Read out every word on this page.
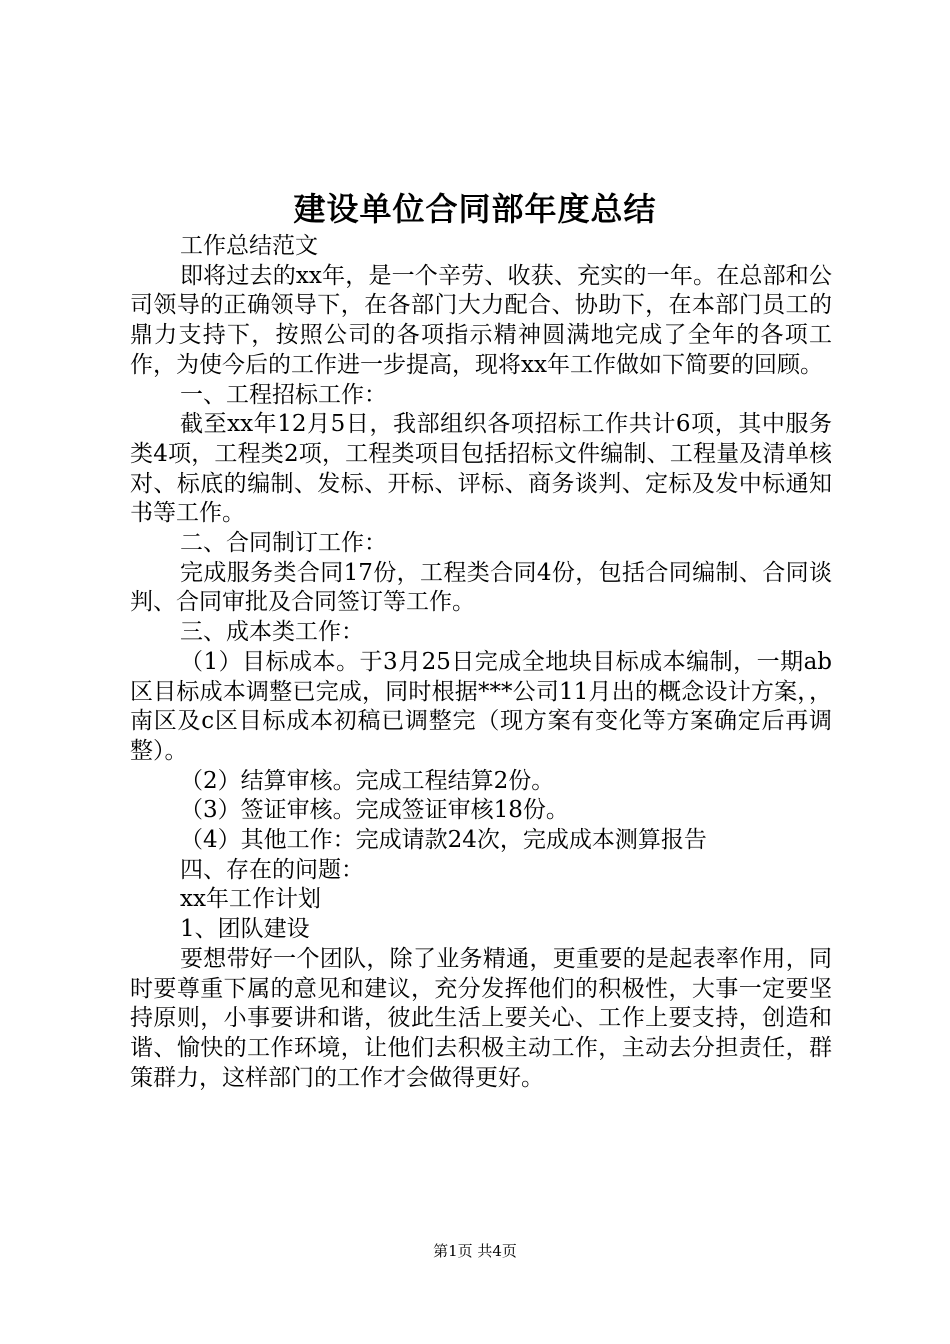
建设单位合同部年度总结

工作总结范文

即将过去的xx年，是一个辛劳、收获、充实的一年。在总部和公司领导的正确领导下，在各部门大力配合、协助下，在本部门员工的鼎力支持下，按照公司的各项指示精神圆满地完成了全年的各项工作，为使今后的工作进一步提高，现将xx年工作做如下简要的回顾。

一、工程招标工作：

截至xx年12月5日，我部组织各项招标工作共计6项，其中服务类4项，工程类2项，工程类项目包括招标文件编制、工程量及清单核对、标底的编制、发标、开标、评标、商务谈判、定标及发中标通知书等工作。

二、合同制订工作：

完成服务类合同17份，工程类合同4份，包括合同编制、合同谈判、合同审批及合同签订等工作。

三、成本类工作：

（1）目标成本。于3月25日完成全地块目标成本编制，一期ab区目标成本调整已完成，同时根据***公司11月出的概念设计方案，，南区及c区目标成本初稿已调整完（现方案有变化等方案确定后再调整）。

（2）结算审核。完成工程结算2份。

（3）签证审核。完成签证审核18份。

（4）其他工作：完成请款24次，完成成本测算报告

四、存在的问题：

xx年工作计划

1、团队建设

要想带好一个团队，除了业务精通，更重要的是起表率作用，同时要尊重下属的意见和建议，充分发挥他们的积极性，大事一定要坚持原则，小事要讲和谐，彼此生活上要关心、工作上要支持，创造和谐、愉快的工作环境，让他们去积极主动工作，主动去分担责任，群策群力，这样部门的工作才会做得更好。

第1页 共4页
